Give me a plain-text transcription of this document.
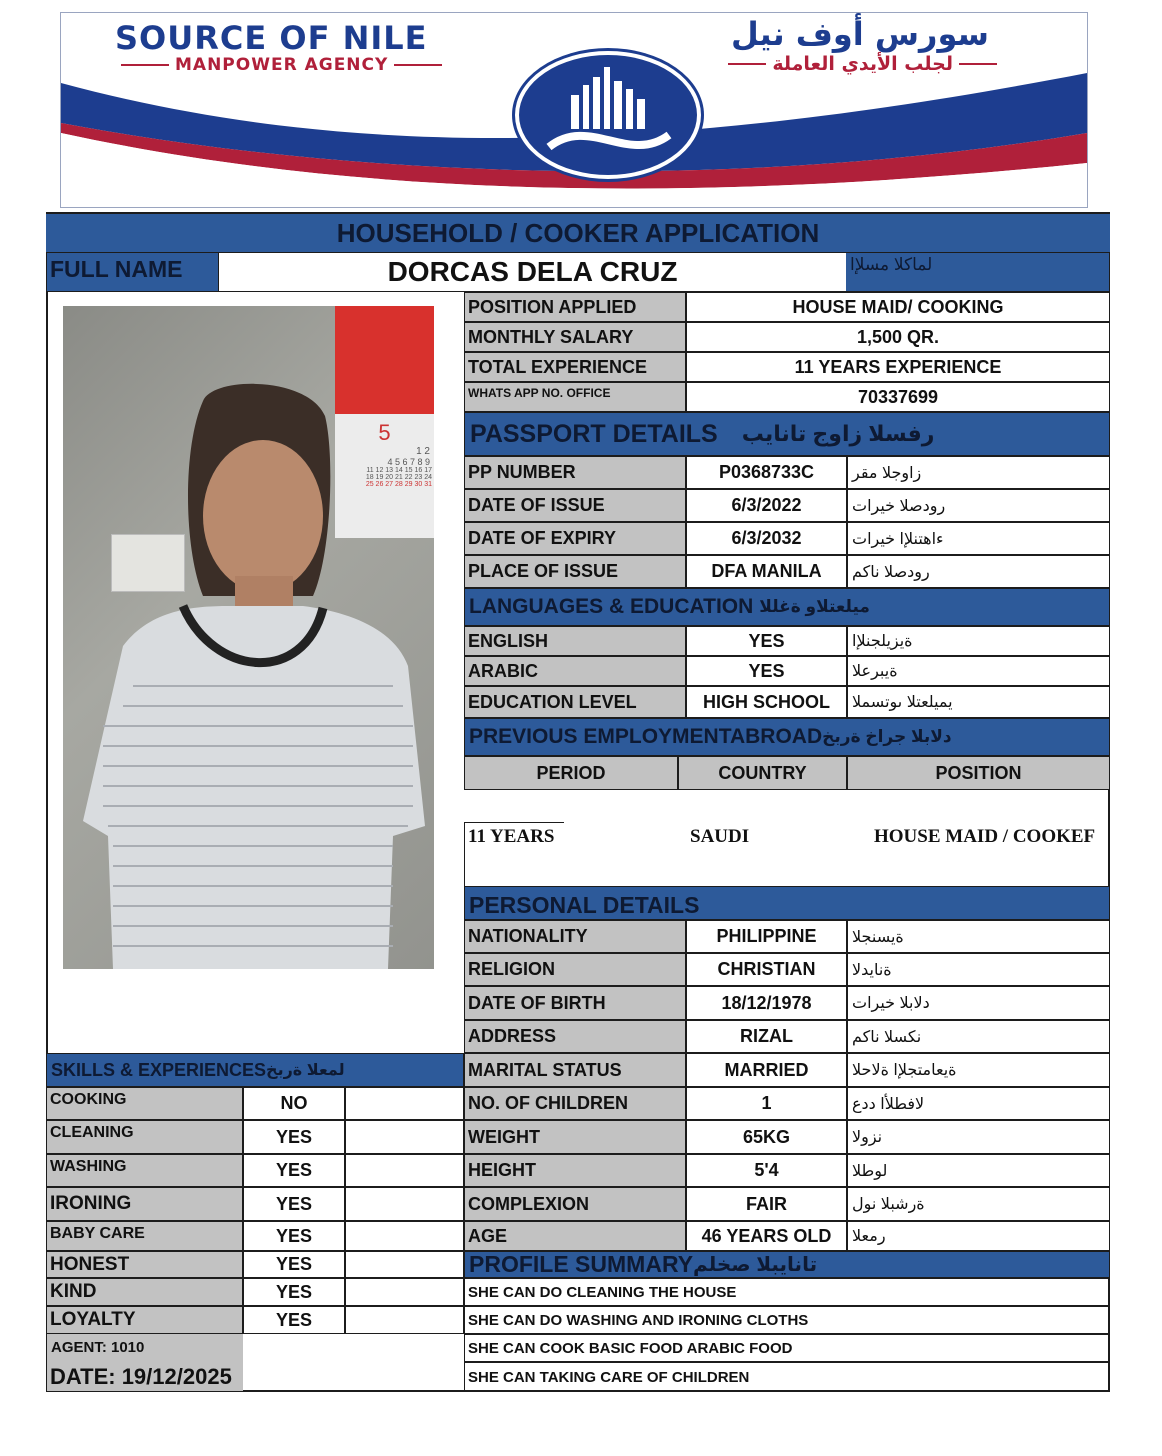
SOURCE OF NILE
MANPOWER AGENCY
سورس أوف نيل
لجلب الأيدي العاملة
HOUSEHOLD / COOKER APPLICATION
FULL NAME	DORCAS DELA CRUZ	لماكلا مسلإا
5
1 2
4 5 6 7 8 9
11 12 13 14 15 16 17
18 19 20 21 22 23 24
25 26 27 28 29 30 31
POSITION APPLIED	HOUSE MAID/ COOKING
MONTHLY SALARY	1,500 QR.
TOTAL EXPERIENCE	11 YEARS EXPERIENCE
WHATS APP NO. OFFICE	70337699
PASSPORT DETAILS رفسلا زاوج تانايب
PP NUMBER	P0368733C	زاوجلا مقر
DATE OF ISSUE	6/3/2022	رودصلا خيرات
DATE OF EXPIRY	6/3/2032	ءاهتنلإا خيرات
PLACE OF ISSUE	DFA MANILA	رودصلا ناكم
LANGUAGES & EDUCATION ميلعتلاو ةغللا
ENGLISH	YES	ةيزيلجنلإا
ARABIC	YES	ةيبرعلا
EDUCATION LEVEL	HIGH SCHOOL	يميلعتلا ىوتسملا
PREVIOUS EMPLOYMENTABROAD دلابلا جراخ ةربخ
PERIOD	COUNTRY	POSITION
11 YEARS	SAUDI	HOUSE MAID / COOKEF
PERSONAL DETAILS
NATIONALITY	PHILIPPINE	ةيسنجلا
RELIGION	CHRISTIAN	ةنايدلا
DATE OF BIRTH	18/12/1978	دلابلا خيرات
ADDRESS	RIZAL	نكسلا ناكم
MARITAL STATUS	MARRIED	ةيعامتجلإا ةلاحلا
NO. OF CHILDREN	1	لافطلأا ددع
WEIGHT	65KG	نزولا
HEIGHT	5'4	لوطلا
COMPLEXION	FAIR	ةرشبلا نول
AGE	46 YEARS OLD	رمعلا
PROFILE SUMMARY تانايبلا صخلم
SHE CAN DO CLEANING THE HOUSE
SHE CAN DO WASHING AND IRONING CLOTHS
SHE CAN COOK BASIC FOOD ARABIC FOOD
SHE CAN TAKING CARE OF CHILDREN
SKILLS & EXPERIENCES لمعلا ةربخ
COOKING	NO
CLEANING	YES
WASHING	YES
IRONING	YES
BABY CARE	YES
HONEST	YES
KIND	YES
LOYALTY	YES
AGENT: 1010
DATE: 19/12/2025
